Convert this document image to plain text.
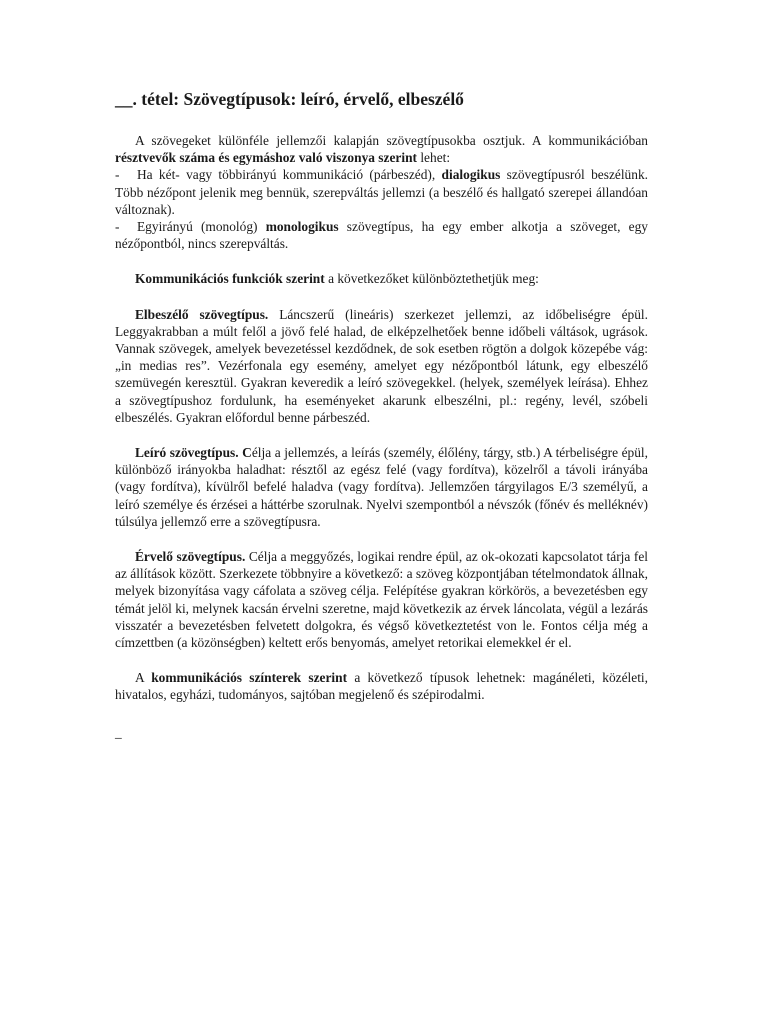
__. tétel: Szövegtípusok: leíró, érvelő, elbeszélő

A szövegeket különféle jellemzői kalapján szövegtípusokba osztjuk. A kommunikációban résztvevők száma és egymáshoz való viszonya szerint lehet:

- Ha két- vagy többirányú kommunikáció (párbeszéd), dialogikus szövegtípusról beszélünk. Több nézőpont jelenik meg bennük, szerepváltás jellemzi (a beszélő és hallgató szerepei állandóan változnak).

- Egyirányú (monológ) monologikus szövegtípus, ha egy ember alkotja a szöveget, egy nézőpontból, nincs szerepváltás.

Kommunikációs funkciók szerint a következőket különböztethetjük meg:

Elbeszélő szövegtípus. Láncszerű (lineáris) szerkezet jellemzi, az időbeliségre épül. Leggyakrabban a múlt felől a jövő felé halad, de elképzelhetőek benne időbeli váltások, ugrások. Vannak szövegek, amelyek bevezetéssel kezdődnek, de sok esetben rögtön a dolgok közepébe vág: „in medias res”. Vezérfonala egy esemény, amelyet egy nézőpontból látunk, egy elbeszélő szemüvegén keresztül. Gyakran keveredik a leíró szövegekkel. (helyek, személyek leírása). Ehhez a szövegtípushoz fordulunk, ha eseményeket akarunk elbeszélni, pl.: regény, levél, szóbeli elbeszélés. Gyakran előfordul benne párbeszéd.

Leíró szövegtípus. Célja a jellemzés, a leírás (személy, élőlény, tárgy, stb.) A térbeliségre épül, különböző irányokba haladhat: résztől az egész felé (vagy fordítva), közelről a távoli irányába (vagy fordítva), kívülről befelé haladva (vagy fordítva). Jellemzően tárgyilagos E/3 személyű, a leíró személye és érzései a háttérbe szorulnak. Nyelvi szempontból a névszók (főnév és melléknév) túlsúlya jellemző erre a szövegtípusra.

Érvelő szövegtípus. Célja a meggyőzés, logikai rendre épül, az ok-okozati kapcsolatot tárja fel az állítások között. Szerkezete többnyire a következő: a szöveg központjában tételmondatok állnak, melyek bizonyítása vagy cáfolata a szöveg célja. Felépítése gyakran körkörös, a bevezetésben egy témát jelöl ki, melynek kacsán érvelni szeretne, majd következik az érvek láncolata, végül a lezárás visszatér a bevezetésben felvetett dolgokra, és végső következtetést von le. Fontos célja még a címzettben (a közönségben) keltett erős benyomás, amelyet retorikai elemekkel ér el.

A kommunikációs színterek szerint a következő típusok lehetnek: magánéleti, közéleti, hivatalos, egyházi, tudományos, sajtóban megjelenő és szépirodalmi.

_
